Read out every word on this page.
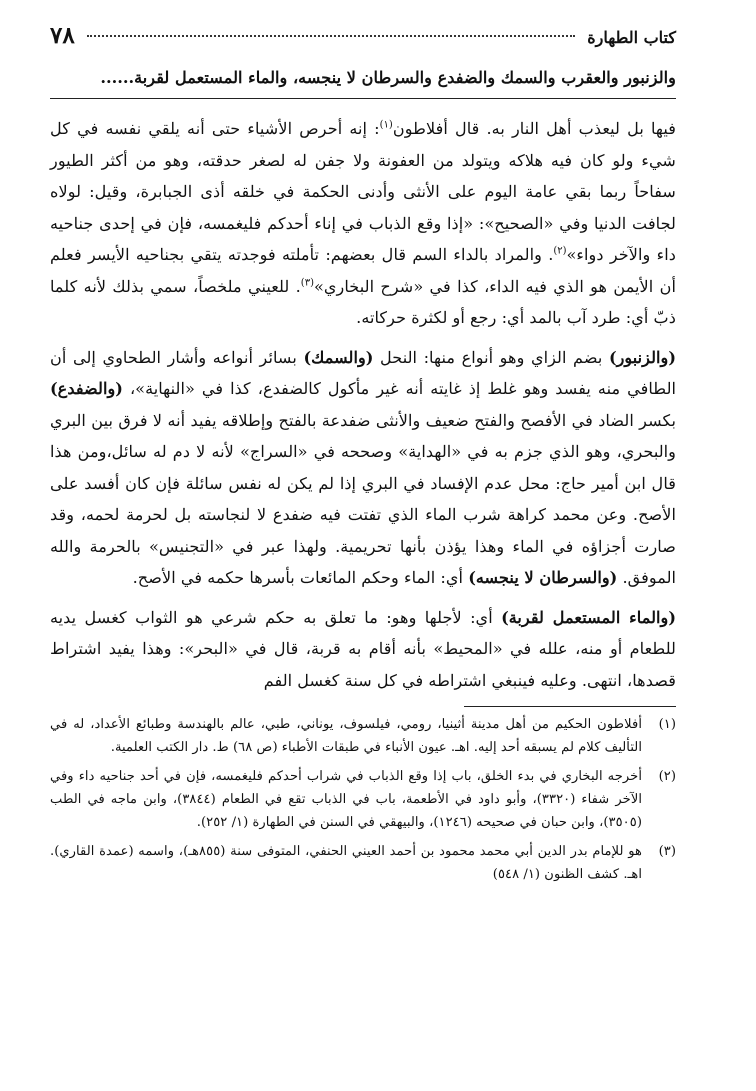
كتاب الطهارة
٧٨
والزنبور والعقرب والسمك والضفدع والسرطان لا ينجسه، والماء المستعمل لقربة......

فيها بل ليعذب أهل النار به. قال أفلاطون$^{(١)}$: إنه أحرص الأشياء حتى أنه يلقي نفسه في كل شيء ولو كان فيه هلاكه ويتولد من العفونة ولا جفن له لصغر حدقته، وهو من أكثر الطيور سفاحاً ربما بقي عامة اليوم على الأنثى وأدنى الحكمة في خلقه أذى الجبابرة، وقيل: لولاه لجافت الدنيا وفي «الصحيح»: «إذا وقع الذباب في إناء أحدكم فليغمسه، فإن في إحدى جناحيه داء والآخر دواء»$^{(٢)}$. والمراد بالداء السم قال بعضهم: تأملته فوجدته يتقي بجناحيه الأيسر فعلم أن الأيمن هو الذي فيه الداء، كذا في «شرح البخاري»$^{(٣)}$. للعيني ملخصاً، سمي بذلك لأنه كلما ذبّ أي: طرد آب بالمد أي: رجع أو لكثرة حركاته.

(والزنبور) بضم الزاي وهو أنواع منها: النحل (والسمك) بسائر أنواعه وأشار الطحاوي إلى أن الطافي منه يفسد وهو غلط إذ غايته أنه غير مأكول كالضفدع، كذا في «النهاية»، (والضفدع) بكسر الضاد في الأفصح والفتح ضعيف والأنثى ضفدعة بالفتح وإطلاقه يفيد أنه لا فرق بين البري والبحري، وهو الذي جزم به في «الهداية» وصححه في «السراج» لأنه لا دم له سائل،ومن هذا قال ابن أمير حاج: محل عدم الإفساد في البري إذا لم يكن له نفس سائلة فإن كان أفسد على الأصح. وعن محمد كراهة شرب الماء الذي تفتت فيه ضفدع لا لنجاسته بل لحرمة لحمه، وقد صارت أجزاؤه في الماء وهذا يؤذن بأنها تحريمية. ولهذا عبر في «التجنيس» بالحرمة والله الموفق. (والسرطان لا ينجسه) أي: الماء وحكم المائعات بأسرها حكمه في الأصح.

(والماء المستعمل لقربة) أي: لأجلها وهو: ما تعلق به حكم شرعي هو الثواب كغسل يديه للطعام أو منه، علله في «المحيط» بأنه أقام به قربة، قال في «البحر»: وهذا يفيد اشتراط قصدها، انتهى. وعليه فينبغي اشتراطه في كل سنة كغسل الفم

(١)
أفلاطون الحكيم من أهل مدينة أثينيا، رومي، فيلسوف، يوناني، طبي، عالم بالهندسة وطبائع الأعداد، له في التأليف كلام لم يسبقه أحد إليه. اهـ. عيون الأنباء في طبقات الأطباء (ص ٦٨) ط. دار الكتب العلمية.
(٢)
أخرجه البخاري في بدء الخلق، باب إذا وقع الذباب في شراب أحدكم فليغمسه، فإن في أحد جناحيه داء وفي الآخر شفاء (٣٣٢٠)، وأبو داود في الأطعمة، باب في الذباب تقع في الطعام (٣٨٤٤)، وابن ماجه في الطب (٣٥٠٥)، وابن حبان في صحيحه (١٢٤٦)، والبيهقي في السنن في الطهارة (١/ ٢٥٢).
(٣)
هو للإمام بدر الدين أبي محمد محمود بن أحمد العيني الحنفي، المتوفى سنة (٨٥٥هـ)، واسمه (عمدة القاري). اهـ. كشف الظنون (١/ ٥٤٨)
